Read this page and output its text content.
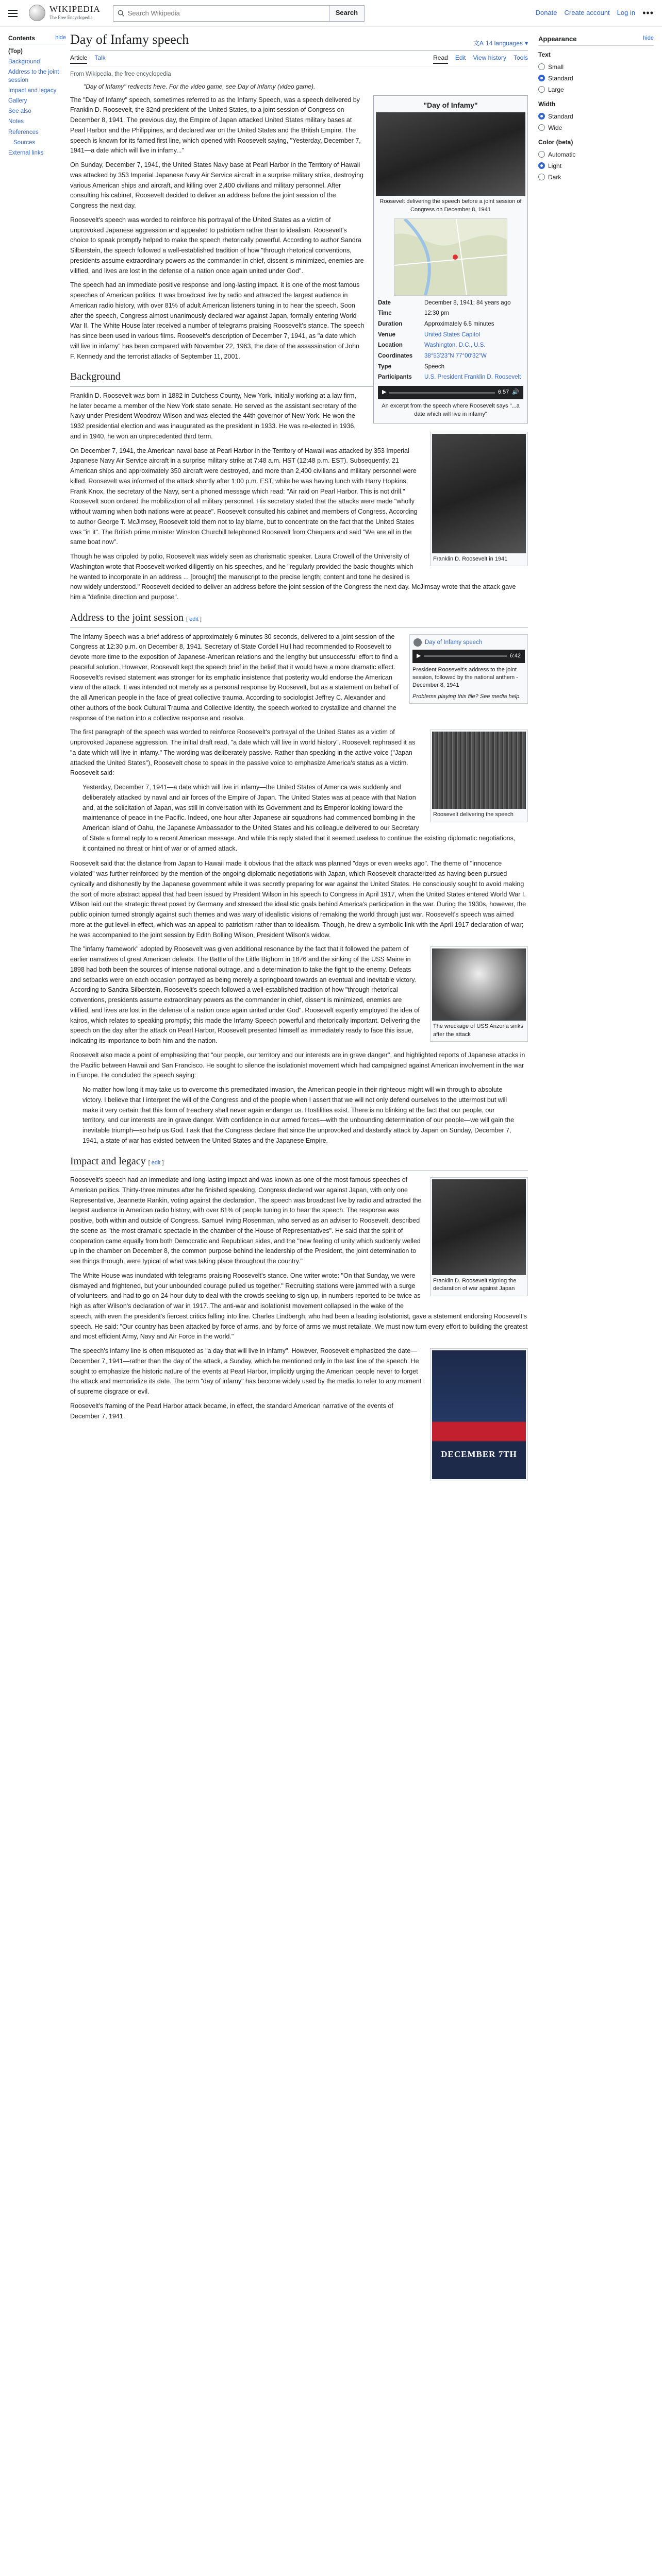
WIKIPEDIA
The Free Encyclopedia
Search Wikipedia
Search	Donate Create account Log in •••
Contents	hide
(Top)
Background
Address to the joint session
Impact and legacy
Gallery
See also
Notes
References
Sources
External links
Day of Infamy speech	文A 14 languages ▾
Article Talk	Read Edit View history Tools
From Wikipedia, the free encyclopedia
"Day of Infamy" redirects here. For the video game, see Day of Infamy (video game).
"Day of Infamy"
Roosevelt delivering the speech before a joint session of Congress on December 8, 1941
Date	December 8, 1941; 84 years ago
Time	12:30 pm
Duration	Approximately 6.5 minutes
Venue	United States Capitol
Location	Washington, D.C., U.S.
Coordinates	38°53′23″N 77°00′32″W
Type	Speech
Participants	U.S. President Franklin D. Roosevelt
▶	6:57 🔊
An excerpt from the speech where Roosevelt says "...a date which will live in infamy"

The "Day of Infamy" speech, sometimes referred to as the Infamy Speech, was a speech delivered by Franklin D. Roosevelt, the 32nd president of the United States, to a joint session of Congress on December 8, 1941. The previous day, the Empire of Japan attacked United States military bases at Pearl Harbor and the Philippines, and declared war on the United States and the British Empire. The speech is known for its famed first line, which opened with Roosevelt saying, "Yesterday, December 7, 1941—a date which will live in infamy..."

On Sunday, December 7, 1941, the United States Navy base at Pearl Harbor in the Territory of Hawaii was attacked by 353 Imperial Japanese Navy Air Service aircraft in a surprise military strike, destroying various American ships and aircraft, and killing over 2,400 civilians and military personnel. After consulting his cabinet, Roosevelt decided to deliver an address before the joint session of the Congress the next day.

Roosevelt's speech was worded to reinforce his portrayal of the United States as a victim of unprovoked Japanese aggression and appealed to patriotism rather than to idealism. Roosevelt's choice to speak promptly helped to make the speech rhetorically powerful. According to author Sandra Silberstein, the speech followed a well-established tradition of how "through rhetorical conventions, presidents assume extraordinary powers as the commander in chief, dissent is minimized, enemies are vilified, and lives are lost in the defense of a nation once again united under God".

The speech had an immediate positive response and long-lasting impact. It is one of the most famous speeches of American politics. It was broadcast live by radio and attracted the largest audience in American radio history, with over 81% of adult American listeners tuning in to hear the speech. Soon after the speech, Congress almost unanimously declared war against Japan, formally entering World War II. The White House later received a number of telegrams praising Roosevelt's stance. The speech has since been used in various films. Roosevelt's description of December 7, 1941, as "a date which will live in infamy" has been compared with November 22, 1963, the date of the assassination of John F. Kennedy and the terrorist attacks of September 11, 2001.

Background
Franklin D. Roosevelt in 1941

Franklin D. Roosevelt was born in 1882 in Dutchess County, New York. Initially working at a law firm, he later became a member of the New York state senate. He served as the assistant secretary of the Navy under President Woodrow Wilson and was elected the 44th governor of New York. He won the 1932 presidential election and was inaugurated as the president in 1933. He was re-elected in 1936, and in 1940, he won an unprecedented third term.

On December 7, 1941, the American naval base at Pearl Harbor in the Territory of Hawaii was attacked by 353 Imperial Japanese Navy Air Service aircraft in a surprise military strike at 7:48 a.m. HST (12:48 p.m. EST). Subsequently, 21 American ships and approximately 350 aircraft were destroyed, and more than 2,400 civilians and military personnel were killed. Roosevelt was informed of the attack shortly after 1:00 p.m. EST, while he was having lunch with Harry Hopkins, Frank Knox, the secretary of the Navy, sent a phoned message which read: "Air raid on Pearl Harbor. This is not drill." Roosevelt soon ordered the mobilization of all military personnel. His secretary stated that the attacks were made "wholly without warning when both nations were at peace". Roosevelt consulted his cabinet and members of Congress. According to author George T. McJimsey, Roosevelt told them not to lay blame, but to concentrate on the fact that the United States was "in it". The British prime minister Winston Churchill telephoned Roosevelt from Chequers and said "We are all in the same boat now".

Though he was crippled by polio, Roosevelt was widely seen as charismatic speaker. Laura Crowell of the University of Washington wrote that Roosevelt worked diligently on his speeches, and he "regularly provided the basic thoughts which he wanted to incorporate in an address ... [brought] the manuscript to the precise length; content and tone he desired is now widely understood." Roosevelt decided to deliver an address before the joint session of the Congress the next day. McJimsay wrote that the attack gave him a "definite direction and purpose".

Address to the joint session [ edit ]
Day of Infamy speech
▶	6:42
President Roosevelt's address to the joint session, followed by the national anthem - December 8, 1941
Problems playing this file? See media help.

The Infamy Speech was a brief address of approximately 6 minutes 30 seconds, delivered to a joint session of the Congress at 12:30 p.m. on December 8, 1941. Secretary of State Cordell Hull had recommended to Roosevelt to devote more time to the exposition of Japanese-American relations and the lengthy but unsuccessful effort to find a peaceful solution. However, Roosevelt kept the speech brief in the belief that it would have a more dramatic effect. Roosevelt's revised statement was stronger for its emphatic insistence that posterity would endorse the American view of the attack. It was intended not merely as a personal response by Roosevelt, but as a statement on behalf of the all American people in the face of great collective trauma. According to sociologist Jeffrey C. Alexander and other authors of the book Cultural Trauma and Collective Identity, the speech worked to crystallize and channel the response of the nation into a collective response and resolve.

Roosevelt delivering the speech

The first paragraph of the speech was worded to reinforce Roosevelt's portrayal of the United States as a victim of unprovoked Japanese aggression. The initial draft read, "a date which will live in world history". Roosevelt rephrased it as "a date which will live in infamy." The wording was deliberately passive. Rather than speaking in the active voice ("Japan attacked the United States"), Roosevelt chose to speak in the passive voice to emphasize America's status as a victim. Roosevelt said:

Yesterday, December 7, 1941—a date which will live in infamy—the United States of America was suddenly and deliberately attacked by naval and air forces of the Empire of Japan. The United States was at peace with that Nation and, at the solicitation of Japan, was still in conversation with its Government and its Emperor looking toward the maintenance of peace in the Pacific. Indeed, one hour after Japanese air squadrons had commenced bombing in the American island of Oahu, the Japanese Ambassador to the United States and his colleague delivered to our Secretary of State a formal reply to a recent American message. And while this reply stated that it seemed useless to continue the existing diplomatic negotiations, it contained no threat or hint of war or of armed attack.

Roosevelt said that the distance from Japan to Hawaii made it obvious that the attack was planned "days or even weeks ago". The theme of "innocence violated" was further reinforced by the mention of the ongoing diplomatic negotiations with Japan, which Roosevelt characterized as having been pursued cynically and dishonestly by the Japanese government while it was secretly preparing for war against the United States. He consciously sought to avoid making the sort of more abstract appeal that had been issued by President Wilson in his speech to Congress in April 1917, when the United States entered World War I. Wilson laid out the strategic threat posed by Germany and stressed the idealistic goals behind America's participation in the war. During the 1930s, however, the public opinion turned strongly against such themes and was wary of idealistic visions of remaking the world through just war. Roosevelt's speech was aimed more at the gut level-in effect, which was an appeal to patriotism rather than to idealism. Though, he drew a symbolic link with the April 1917 declaration of war; he was accompanied to the joint session by Edith Bolling Wilson, President Wilson's widow.

The wreckage of USS Arizona sinks after the attack

The "infamy framework" adopted by Roosevelt was given additional resonance by the fact that it followed the pattern of earlier narratives of great American defeats. The Battle of the Little Bighorn in 1876 and the sinking of the USS Maine in 1898 had both been the sources of intense national outrage, and a determination to take the fight to the enemy. Defeats and setbacks were on each occasion portrayed as being merely a springboard towards an eventual and inevitable victory. According to Sandra Silberstein, Roosevelt's speech followed a well-established tradition of how "through rhetorical conventions, presidents assume extraordinary powers as the commander in chief, dissent is minimized, enemies are vilified, and lives are lost in the defense of a nation once again united under God". Roosevelt expertly employed the idea of kairos, which relates to speaking promptly; this made the Infamy Speech powerful and rhetorically important. Delivering the speech on the day after the attack on Pearl Harbor, Roosevelt presented himself as immediately ready to face this issue, indicating its importance to both him and the nation.

Roosevelt also made a point of emphasizing that "our people, our territory and our interests are in grave danger", and highlighted reports of Japanese attacks in the Pacific between Hawaii and San Francisco. He sought to silence the isolationist movement which had campaigned against American involvement in the war in Europe. He concluded the speech saying:

No matter how long it may take us to overcome this premeditated invasion, the American people in their righteous might will win through to absolute victory. I believe that I interpret the will of the Congress and of the people when I assert that we will not only defend ourselves to the uttermost but will make it very certain that this form of treachery shall never again endanger us. Hostilities exist. There is no blinking at the fact that our people, our territory, and our interests are in grave danger. With confidence in our armed forces—with the unbounding determination of our people—we will gain the inevitable triumph—so help us God. I ask that the Congress declare that since the unprovoked and dastardly attack by Japan on Sunday, December 7, 1941, a state of war has existed between the United States and the Japanese Empire.
Impact and legacy [ edit ]
Franklin D. Roosevelt signing the declaration of war against Japan

Roosevelt's speech had an immediate and long-lasting impact and was known as one of the most famous speeches of American politics. Thirty-three minutes after he finished speaking, Congress declared war against Japan, with only one Representative, Jeannette Rankin, voting against the declaration. The speech was broadcast live by radio and attracted the largest audience in American radio history, with over 81% of people tuning in to hear the speech. The response was positive, both within and outside of Congress. Samuel Irving Rosenman, who served as an adviser to Roosevelt, described the scene as "the most dramatic spectacle in the chamber of the House of Representatives". He said that the spirit of cooperation came equally from both Democratic and Republican sides, and the "new feeling of unity which suddenly welled up in the chamber on December 8, the common purpose behind the leadership of the President, the joint determination to see things through, were typical of what was taking place throughout the country."

The White House was inundated with telegrams praising Roosevelt's stance. One writer wrote: "On that Sunday, we were dismayed and frightened, but your unbounded courage pulled us together." Recruiting stations were jammed with a surge of volunteers, and had to go on 24-hour duty to deal with the crowds seeking to sign up, in numbers reported to be twice as high as after Wilson's declaration of war in 1917. The anti-war and isolationist movement collapsed in the wake of the speech, with even the president's fiercest critics falling into line. Charles Lindbergh, who had been a leading isolationist, gave a statement endorsing Roosevelt's speech. He said: "Our country has been attacked by force of arms, and by force of arms we must retaliate. We must now turn every effort to building the greatest and most efficient Army, Navy and Air Force in the world."

DECEMBER 7TH

The speech's infamy line is often misquoted as "a day that will live in infamy". However, Roosevelt emphasized the date—December 7, 1941—rather than the day of the attack, a Sunday, which he mentioned only in the last line of the speech. He sought to emphasize the historic nature of the events at Pearl Harbor, implicitly urging the American people never to forget the attack and memorialize its date. The term "day of infamy" has become widely used by the media to refer to any moment of supreme disgrace or evil.

Roosevelt's framing of the Pearl Harbor attack became, in effect, the standard American narrative of the events of December 7, 1941.

Appearance	hide
Text
Small
Standard
Large
Width
Standard
Wide
Color (beta)
Automatic
Light
Dark
